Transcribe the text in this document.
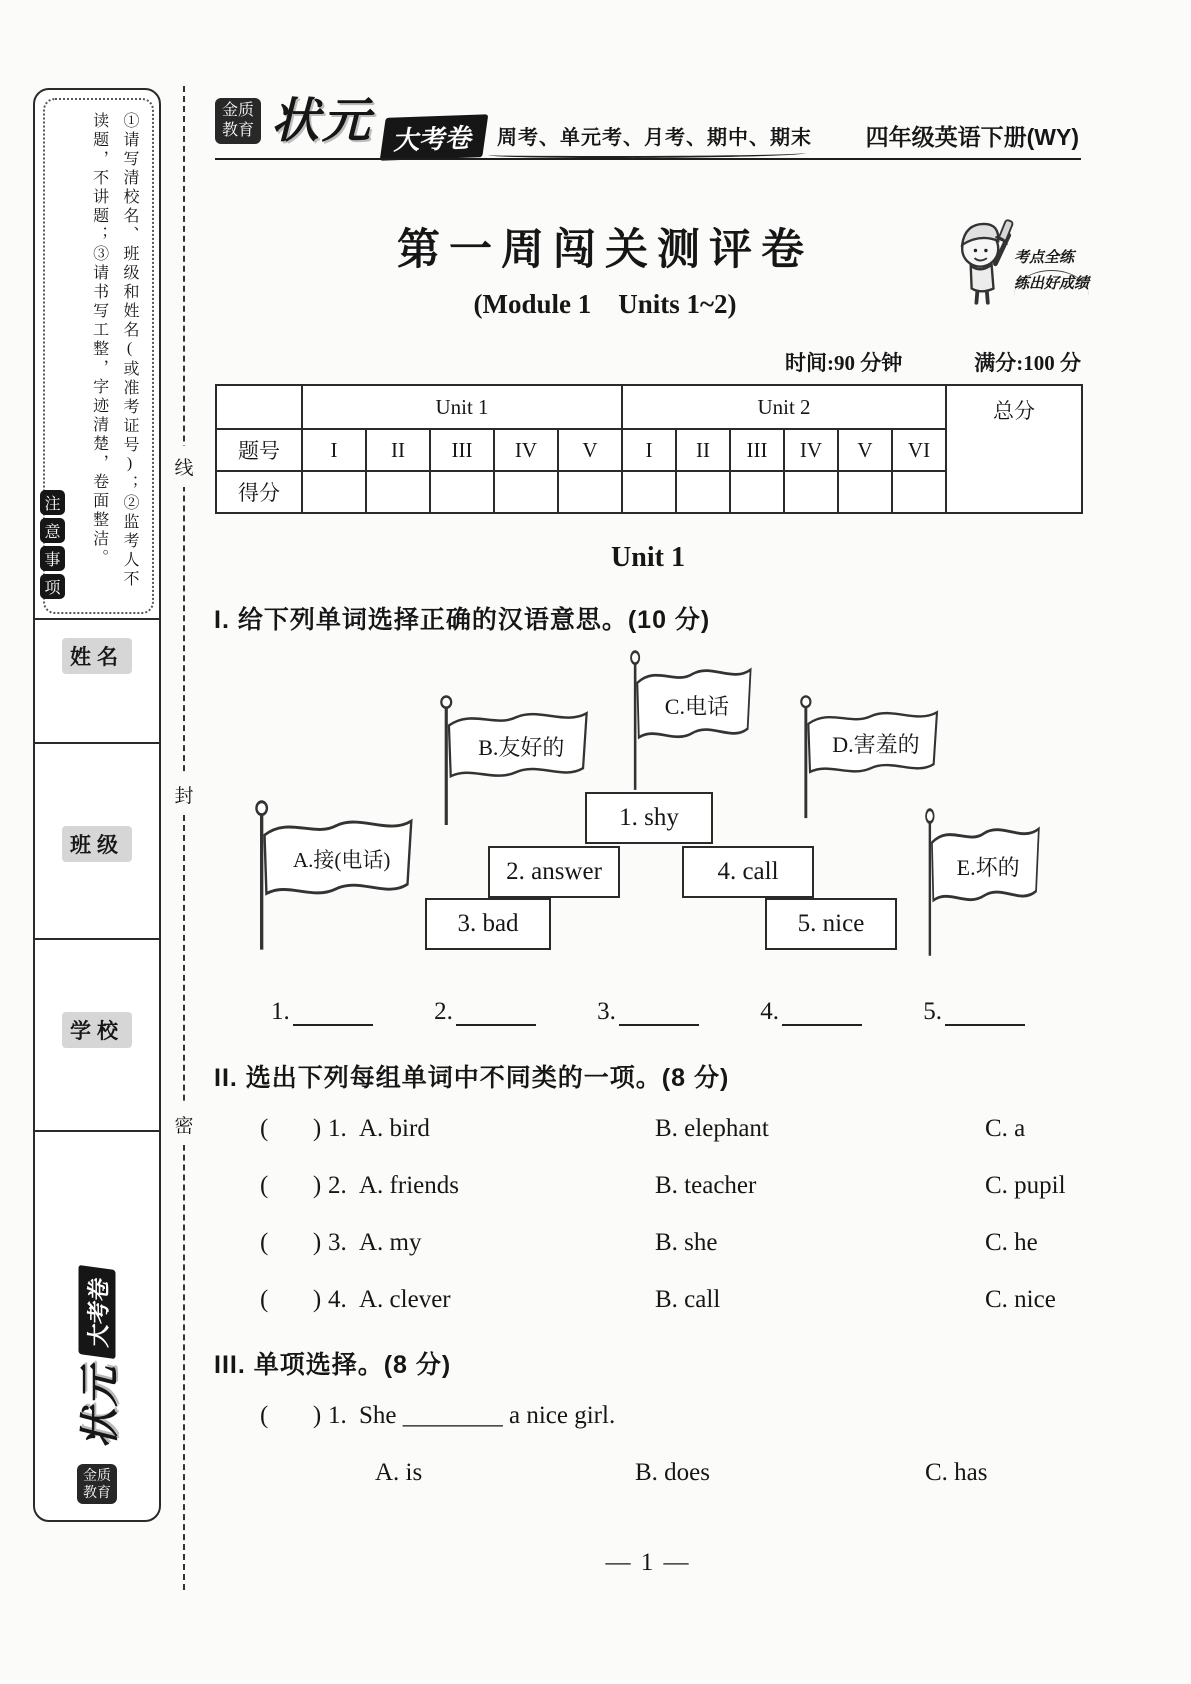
①请写清校名、班级和姓名(或准考证号)；②监考人不读题，不讲题；③请书写工整，字迹清楚，卷面整洁。
注
意
事
项
姓名
班级
学校
状元
大考卷
金质教育
线
封
密
金质教育 状元 大考卷	周考、单元考、月考、期中、期末 四年级英语下册(WY)
第一周闯关测评卷
(Module 1    Units 1~2)
考点全练
练出好成绩
时间:90 分钟	满分:100 分
	Unit 1					Unit 2						总分
题号	I	II	III	IV	V	I	II	III	IV	V	VI	
得分												
Unit 1
I. 给下列单词选择正确的汉语意思。(10 分)
A.接(电话)
B.友好的
C.电话
D.害羞的
E.坏的
1. shy
2. answer	4. call
3. bad	5. nice
1.	2.	3.	4.	5.
II. 选出下列每组单词中不同类的一项。(8 分)
(      ) 1. A. bird	B. elephant	C. a
(      ) 2. A. friends	B. teacher	C. pupil
(      ) 3. A. my	B. she	C. he
(      ) 4. A. clever	B. call	C. nice
III. 单项选择。(8 分)
(      ) 1. She ________ a nice girl.
A. is	B. does	C. has
— 1 —
